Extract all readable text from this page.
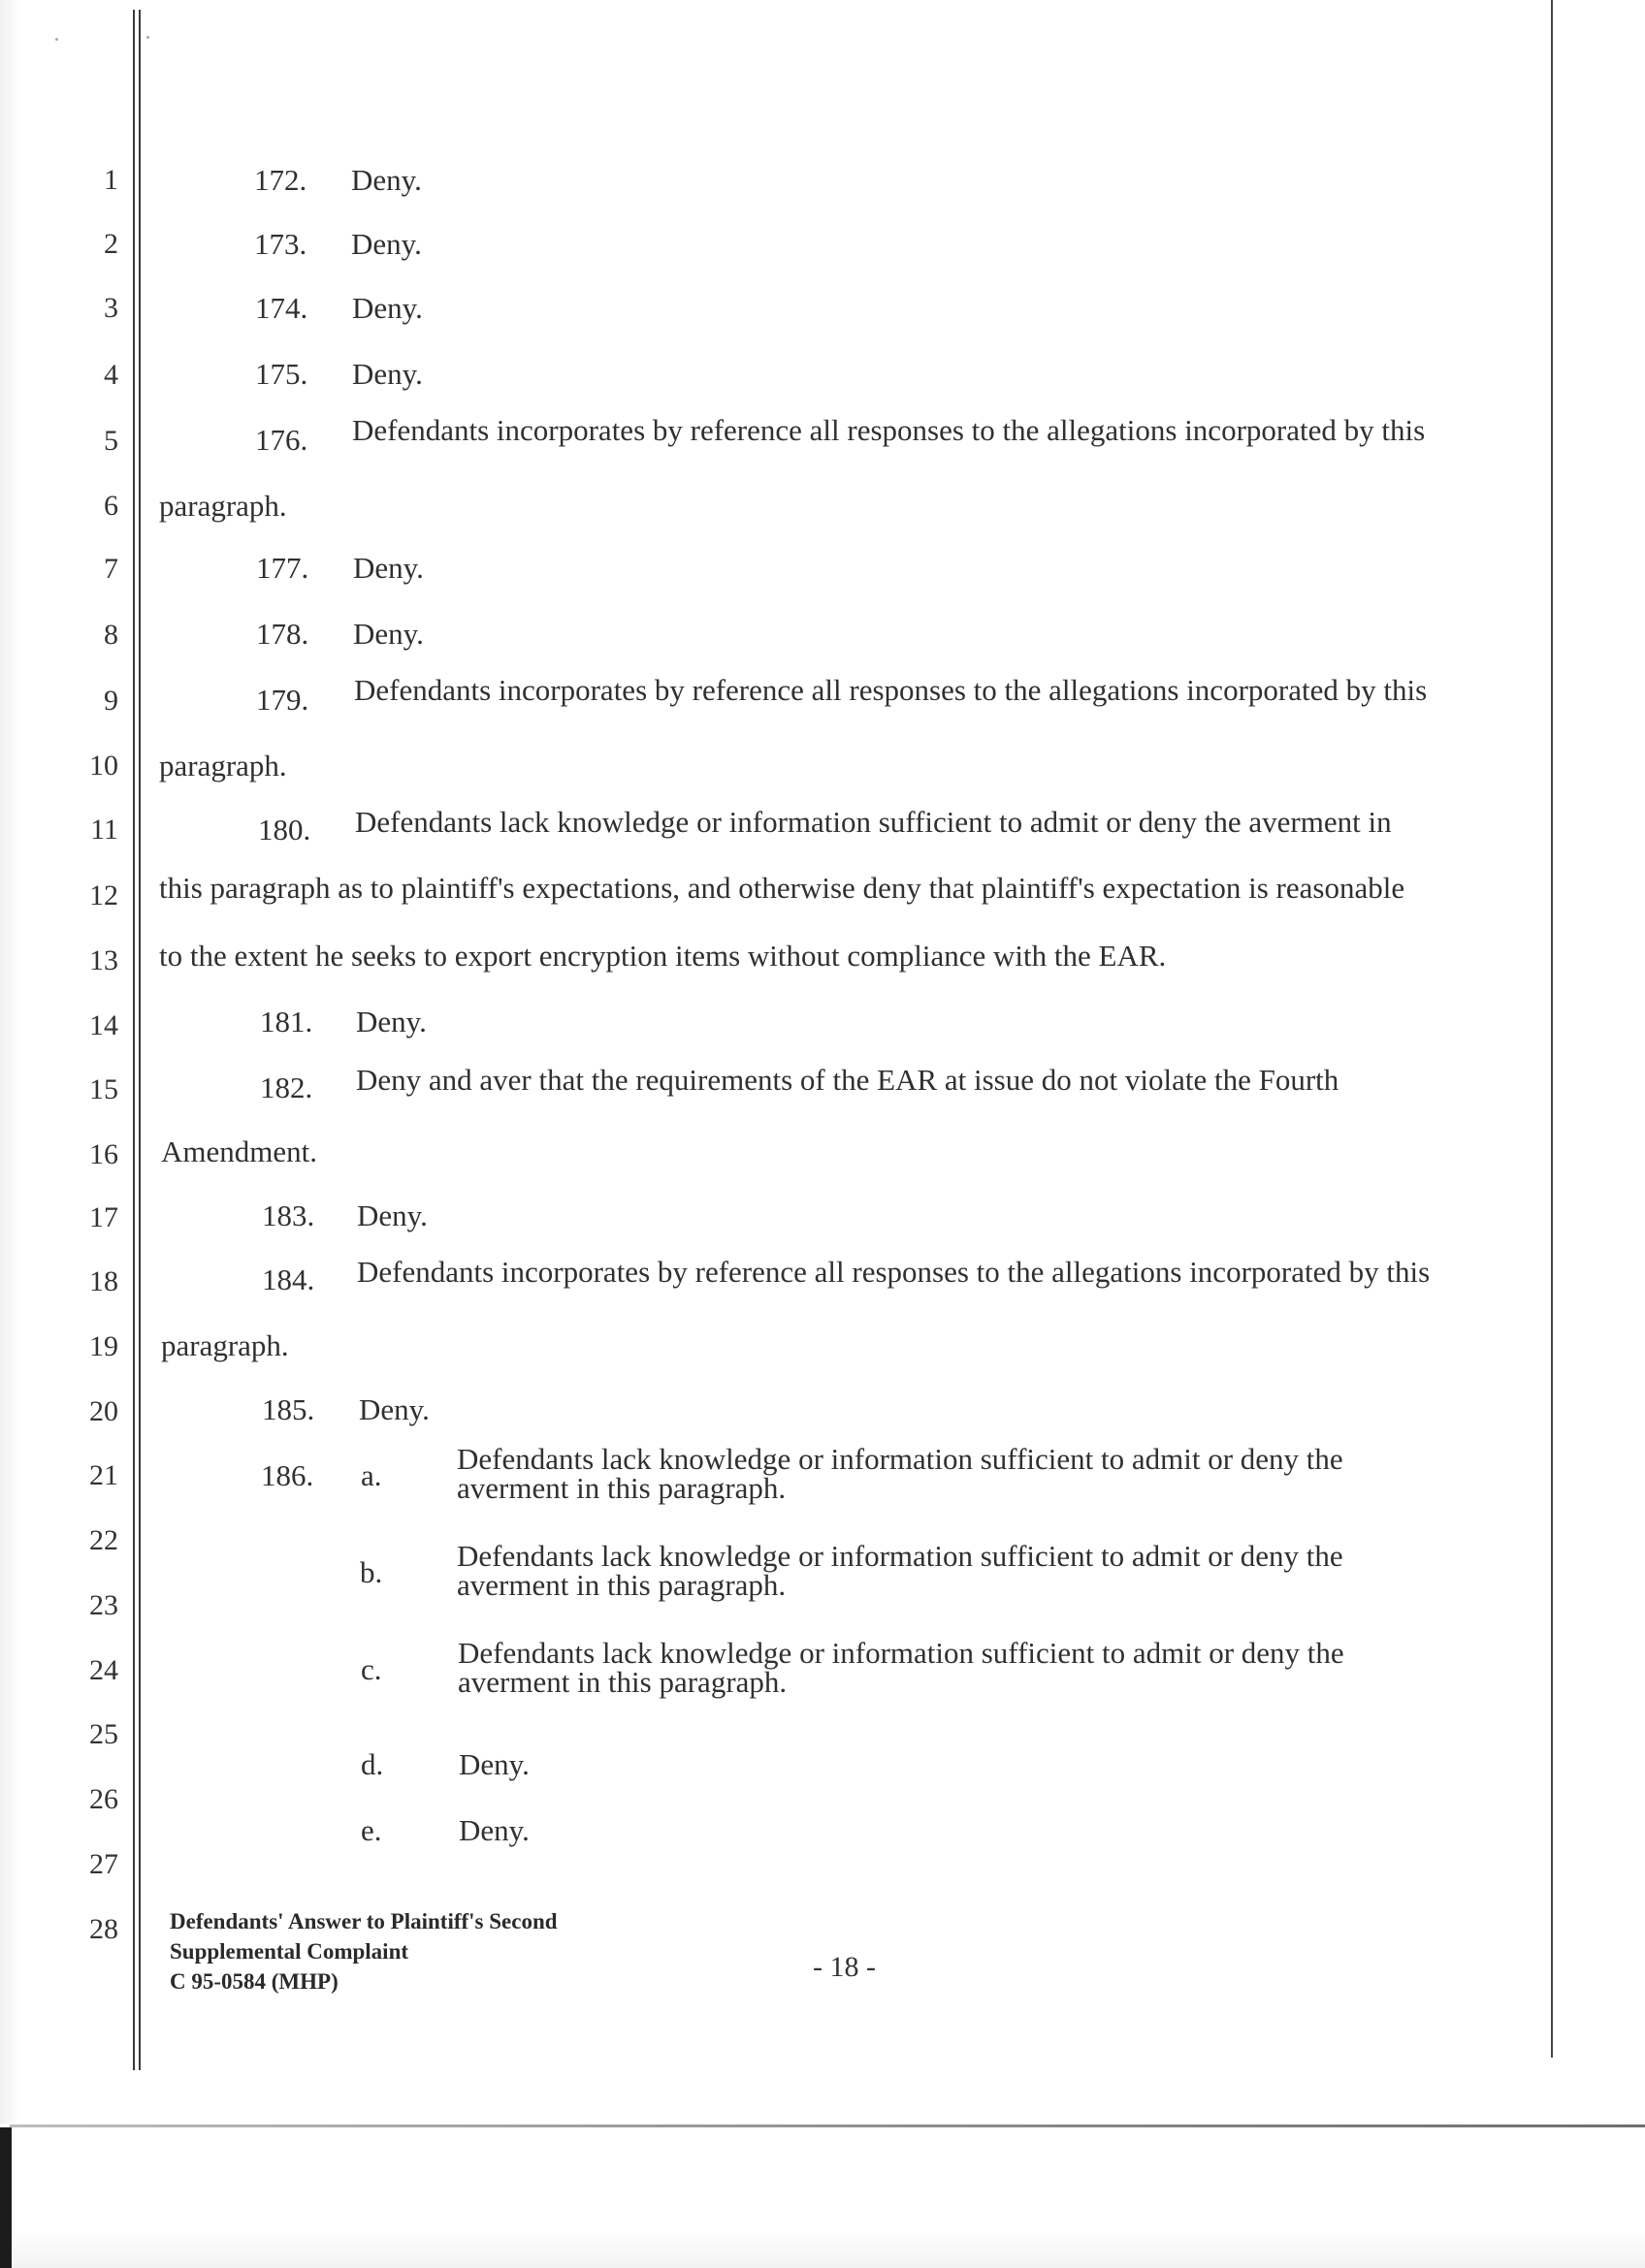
1
2
3
4
5
6
7
8
9
10
11
12
13
14
15
16
17
18
19
20
21
22
23
24
25
26
27
28
172. Deny.
173. Deny.
174. Deny.
175. Deny.
176. Defendants incorporates by reference all responses to the allegations incorporated by this
paragraph.
177. Deny.
178. Deny.
179. Defendants incorporates by reference all responses to the allegations incorporated by this
paragraph.
180. Defendants lack knowledge or information sufficient to admit or deny the averment in
this paragraph as to plaintiff's expectations, and otherwise deny that plaintiff's expectation is reasonable
to the extent he seeks to export encryption items without compliance with the EAR.
181. Deny.
182. Deny and aver that the requirements of the EAR at issue do not violate the Fourth
Amendment.
183. Deny.
184. Defendants incorporates by reference all responses to the allegations incorporated by this
paragraph.
185. Deny.
186. a. Defendants lack knowledge or information sufficient to admit or deny the averment in this paragraph.
b. Defendants lack knowledge or information sufficient to admit or deny the averment in this paragraph.
c.	Defendants lack knowledge or information sufficient to admit or deny the averment in this paragraph.
d.	Deny.
e.	Deny.
Defendants' Answer to Plaintiff's Second
Supplemental Complaint
C 95-0584 (MHP)	- 18 -
